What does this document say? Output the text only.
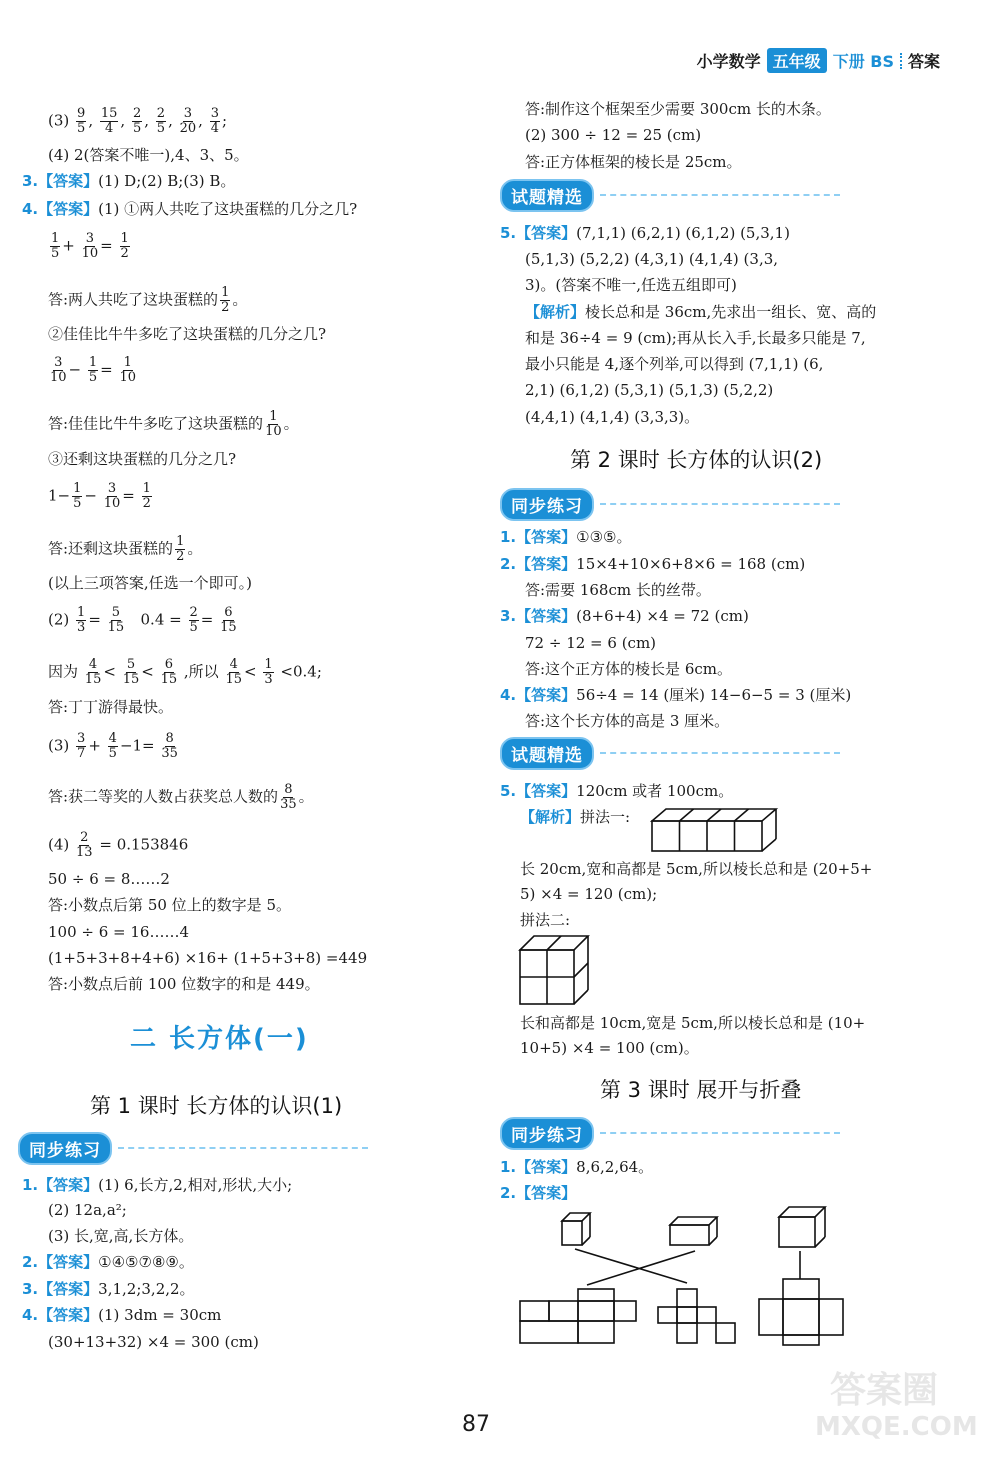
小学数学 五年级 下册 BS 答案
$(3) \frac{9}{5}$ , $\frac{15}{4}$ , $\frac{2}{5}$ , $\frac{2}{5}$ , $\frac{3}{20}$ , $\frac{3}{4}$ ;
(4) 2(答案不唯一),4、3、5。
3.【答案】(1) D;(2) B;(3) B。
4.【答案】(1) ①两人共吃了这块蛋糕的几分之几?
$\frac{1}{5} + \frac{3}{10} = \frac{1}{2}$
答:两人共吃了这块蛋糕的 $\frac{1}{2}$ 。
②佳佳比牛牛多吃了这块蛋糕的几分之几?
$\frac{3}{10} - \frac{1}{5} = \frac{1}{10}$
答:佳佳比牛牛多吃了这块蛋糕的 $\frac{1}{10}$ 。
③还剩这块蛋糕的几分之几?
$1- \frac{1}{5} - \frac{3}{10} = \frac{1}{2}$
答:还剩这块蛋糕的 $\frac{1}{2}$ 。
(以上三项答案,任选一个即可。)
$(2) \frac{1}{3} = \frac{5}{15} 0.4 = \frac{2}{5} = \frac{6}{15}$
因为 $\frac{4}{15} < \frac{5}{15} < \frac{6}{15}$ ,所以 $\frac{4}{15} < \frac{1}{3} <0.4$;
答:丁丁游得最快。
$(3) \frac{3}{7} + \frac{4}{5} -1= \frac{8}{35}$
答:获二等奖的人数占获奖总人数的 $\frac{8}{35}$ 。
$(4) \frac{2}{13} = 0.153846$
50 ÷ 6 = 8……2
答:小数点后第 50 位上的数字是 5。
100 ÷ 6 = 16……4
(1+5+3+8+4+6) ×16+ (1+5+3+8) =449
答:小数点后前 100 位数字的和是 449。
二 长方体(一)
第 1 课时 长方体的认识(1)
同步练习
1.【答案】(1) 6,长方,2,相对,形状,大小;
(2) 12a,a²;
(3) 长,宽,高,长方体。
2.【答案】①④⑤⑦⑧⑨。
3.【答案】3,1,2;3,2,2。
4.【答案】(1) 3dm = 30cm
(30+13+32) ×4 = 300 (cm)
答:制作这个框架至少需要 300cm 长的木条。
(2) 300 ÷ 12 = 25 (cm)
答:正方体框架的棱长是 25cm。
试题精选
5.【答案】(7,1,1) (6,2,1) (6,1,2) (5,3,1)
(5,1,3) (5,2,2) (4,3,1) (4,1,4) (3,3,
3)。(答案不唯一,任选五组即可)
【解析】棱长总和是 36cm,先求出一组长、宽、高的
和是 36÷4 = 9 (cm);再从长入手,长最多只能是 7,
最小只能是 4,逐个列举,可以得到 (7,1,1) (6,
2,1) (6,1,2) (5,3,1) (5,1,3) (5,2,2)
(4,4,1) (4,1,4) (3,3,3)。
第 2 课时 长方体的认识(2)
同步练习
1.【答案】①③⑤。
2.【答案】15×4+10×6+8×6 = 168 (cm)
答:需要 168cm 长的丝带。
3.【答案】(8+6+4) ×4 = 72 (cm)
72 ÷ 12 = 6 (cm)
答:这个正方体的棱长是 6cm。
4.【答案】56÷4 = 14 (厘米) 14−6−5 = 3 (厘米)
答:这个长方体的高是 3 厘米。
试题精选
5.【答案】120cm 或者 100cm。
【解析】拼法一:
长 20cm,宽和高都是 5cm,所以棱长总和是 (20+5+
5) ×4 = 120 (cm);
拼法二:
长和高都是 10cm,宽是 5cm,所以棱长总和是 (10+
10+5) ×4 = 100 (cm)。
第 3 课时 展开与折叠
同步练习
1.【答案】8,6,2,64。
2.【答案】
87
答案圈
MXQE.COM
